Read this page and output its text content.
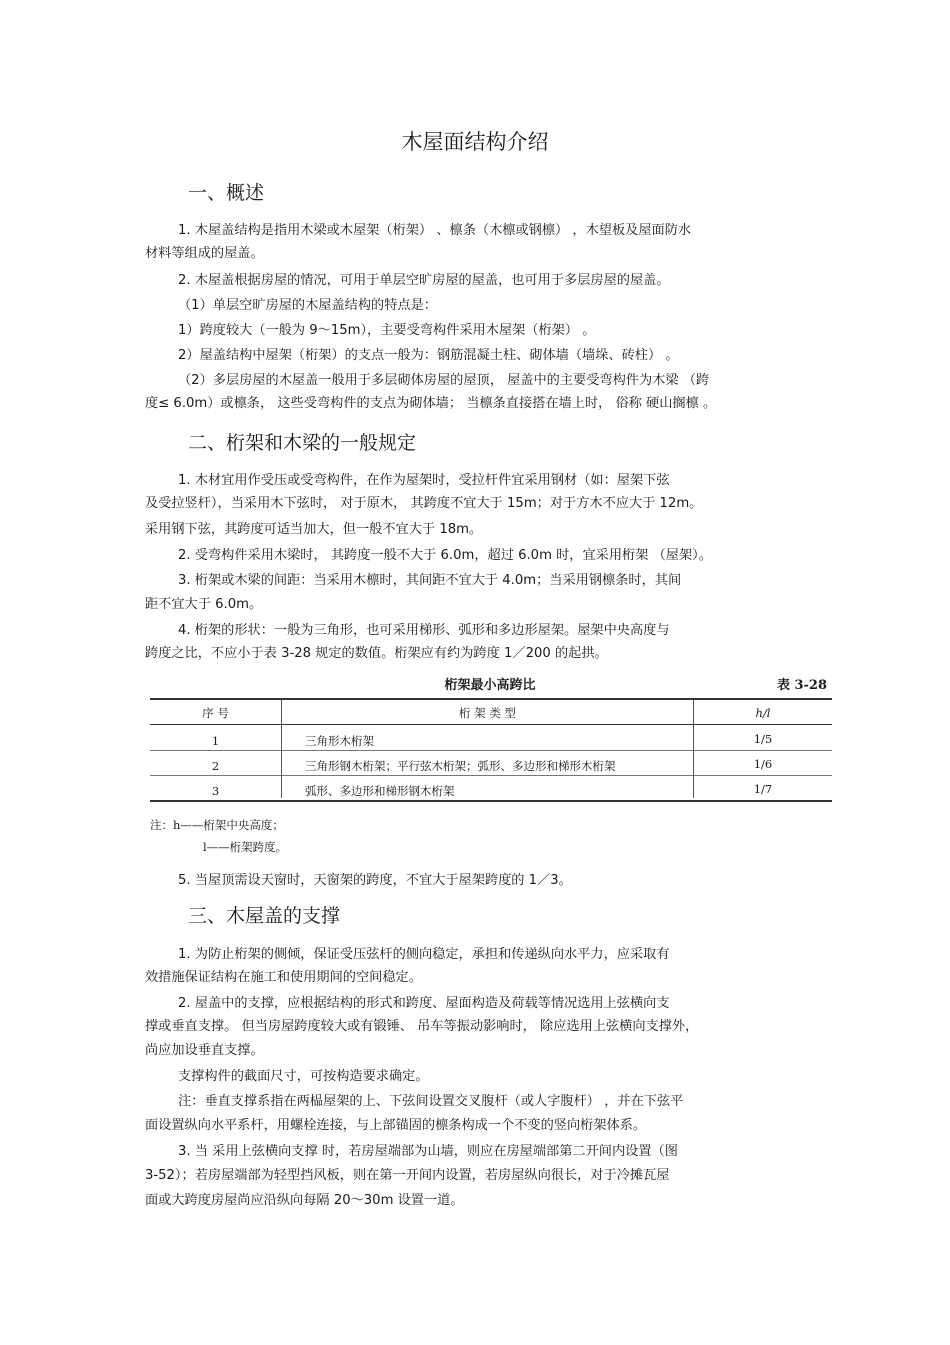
木屋面结构介绍
一、概述
1. 木屋盖结构是指用木梁或木屋架（桁架） 、檩条（木檩或钢檩） ，木望板及屋面防水
材料等组成的屋盖。
2. 木屋盖根据房屋的情况，可用于单层空旷房屋的屋盖，也可用于多层房屋的屋盖。
（1）单层空旷房屋的木屋盖结构的特点是：
1）跨度较大（一般为 9～15m），主要受弯构件采用木屋架（桁架） 。
2）屋盖结构中屋架（桁架）的支点一般为：钢筋混凝土柱、砌体墙（墙垛、砖柱） 。
（2）多层房屋的木屋盖一般用于多层砌体房屋的屋顶， 屋盖中的主要受弯构件为木梁 （跨
度≤ 6.0m）或檩条， 这些受弯构件的支点为砌体墙； 当檩条直接搭在墙上时， 俗称 硬山搁檩 。
二、桁架和木梁的一般规定
1. 木材宜用作受压或受弯构件，在作为屋架时，受拉杆件宜采用钢材（如：屋架下弦
及受拉竖杆），当采用木下弦时， 对于原木， 其跨度不宜大于 15m；对于方木不应大于 12m。
采用钢下弦，其跨度可适当加大，但一般不宜大于 18m。
2. 受弯构件采用木梁时， 其跨度一般不大于 6.0m，超过 6.0m 时，宜采用桁架 （屋架）。
3. 桁架或木梁的间距：当采用木檩时，其间距不宜大于 4.0m；当采用钢檩条时，其间
距不宜大于 6.0m。
4. 桁架的形状：一般为三角形，也可采用梯形、弧形和多边形屋架。屋架中央高度与
跨度之比，不应小于表 3-28 规定的数值。桁架应有约为跨度 1／200 的起拱。
桁架最小高跨比	表 3-28
序 号	桁 架 类 型	h/l
1	三角形木桁架	1/5
2	三角形钢木桁架；平行弦木桁架；弧形、多边形和梯形木桁架	1/6
3	弧形、多边形和梯形钢木桁架	1/7
注：h——桁架中央高度；
l——桁架跨度。
5. 当屋顶需设天窗时，天窗架的跨度，不宜大于屋架跨度的 1／3。
三、木屋盖的支撑
1. 为防止桁架的侧倾，保证受压弦杆的侧向稳定，承担和传递纵向水平力，应采取有
效措施保证结构在施工和使用期间的空间稳定。
2. 屋盖中的支撑，应根据结构的形式和跨度、屋面构造及荷载等情况选用上弦横向支
撑或垂直支撑。 但当房屋跨度较大或有锻锤、 吊车等振动影响时， 除应选用上弦横向支撑外，
尚应加设垂直支撑。
支撑构件的截面尺寸，可按构造要求确定。
注：垂直支撑系指在两榀屋架的上、下弦间设置交叉腹杆（或人字腹杆） ，并在下弦平
面设置纵向水平系杆，用螺栓连接，与上部锚固的檩条构成一个不变的竖向桁架体系。
3. 当 采用上弦横向支撑 时，若房屋端部为山墙，则应在房屋端部第二开间内设置（图
3-52）；若房屋端部为轻型挡风板，则在第一开间内设置，若房屋纵向很长，对于冷摊瓦屋
面或大跨度房屋尚应沿纵向每隔 20～30m 设置一道。
